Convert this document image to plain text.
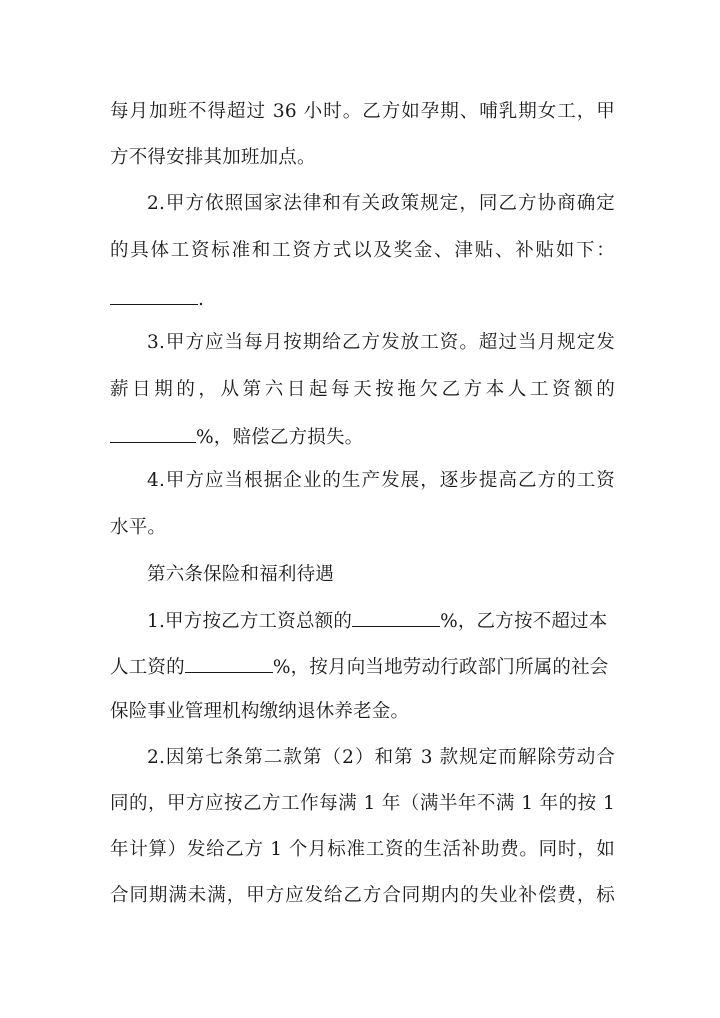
每月加班不得超过 36 小时。乙方如孕期、哺乳期女工，甲
方不得安排其加班加点。
2.甲方依照国家法律和有关政策规定，同乙方协商确定
的具体工资标准和工资方式以及奖金、津贴、补贴如下：
.
3.甲方应当每月按期给乙方发放工资。超过当月规定发
薪日期的，从第六日起每天按拖欠乙方本人工资额的
%，赔偿乙方损失。
4.甲方应当根据企业的生产发展，逐步提高乙方的工资
水平。
第六条保险和福利待遇
1.甲方按乙方工资总额的	%，乙方按不超过本
人工资的	%，按月向当地劳动行政部门所属的社会
保险事业管理机构缴纳退休养老金。
2.因第七条第二款第（2）和第 3 款规定而解除劳动合
同的，甲方应按乙方工作每满 1 年（满半年不满 1 年的按 1
年计算）发给乙方 1 个月标准工资的生活补助费。同时，如
合同期满未满，甲方应发给乙方合同期内的失业补偿费，标
